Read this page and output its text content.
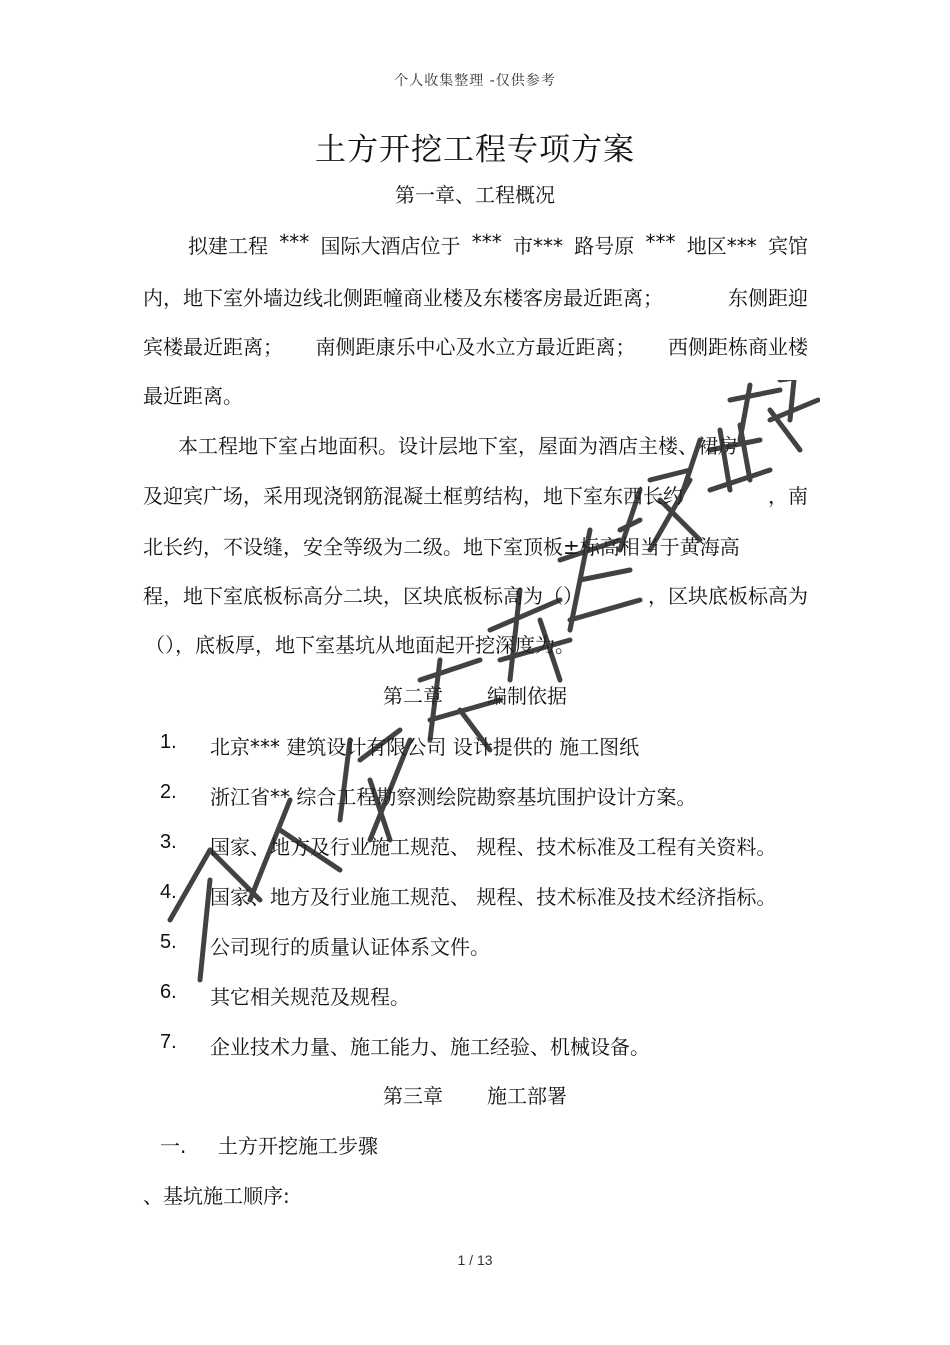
个人收集整理 -仅供参考
土方开挖工程专项方案
第一章、工程概况
拟建工程 *** 国际大酒店位于 *** 市*** 路号原 *** 地区*** 宾馆
内，地下室外墙边线北侧距幢商业楼及东楼客房最近距离；	东侧距迎
宾楼最近距离； 南侧距康乐中心及水立方最近距离； 西侧距栋商业楼
最近距离。
本工程地下室占地面积。设计层地下室，屋面为酒店主楼、裙房
及迎宾广场，采用现浇钢筋混凝土框剪结构，地下室东西长约	，南
北长约，不设缝，安全等级为二级。地下室顶板±标高相当于黄海高
程，地下室底板标高分二块，区块底板标高为（）	，区块底板标高为
（），底板厚，地下室基坑从地面起开挖深度为。
第二章 编制依据
1. 北京*** 建筑设计有限公司 设计提供的 施工图纸
2. 浙江省** 综合工程勘察测绘院勘察基坑围护设计方案。
3. 国家、地方及行业施工规范、 规程、技术标准及工程有关资料。
4. 国家、地方及行业施工规范、 规程、技术标准及技术经济指标。
5. 公司现行的质量认证体系文件。
6. 其它相关规范及规程。
7. 企业技术力量、施工能力、施工经验、机械设备。
第三章 施工部署
一. 土方开挖施工步骤
、基坑施工顺序:
1 / 13
